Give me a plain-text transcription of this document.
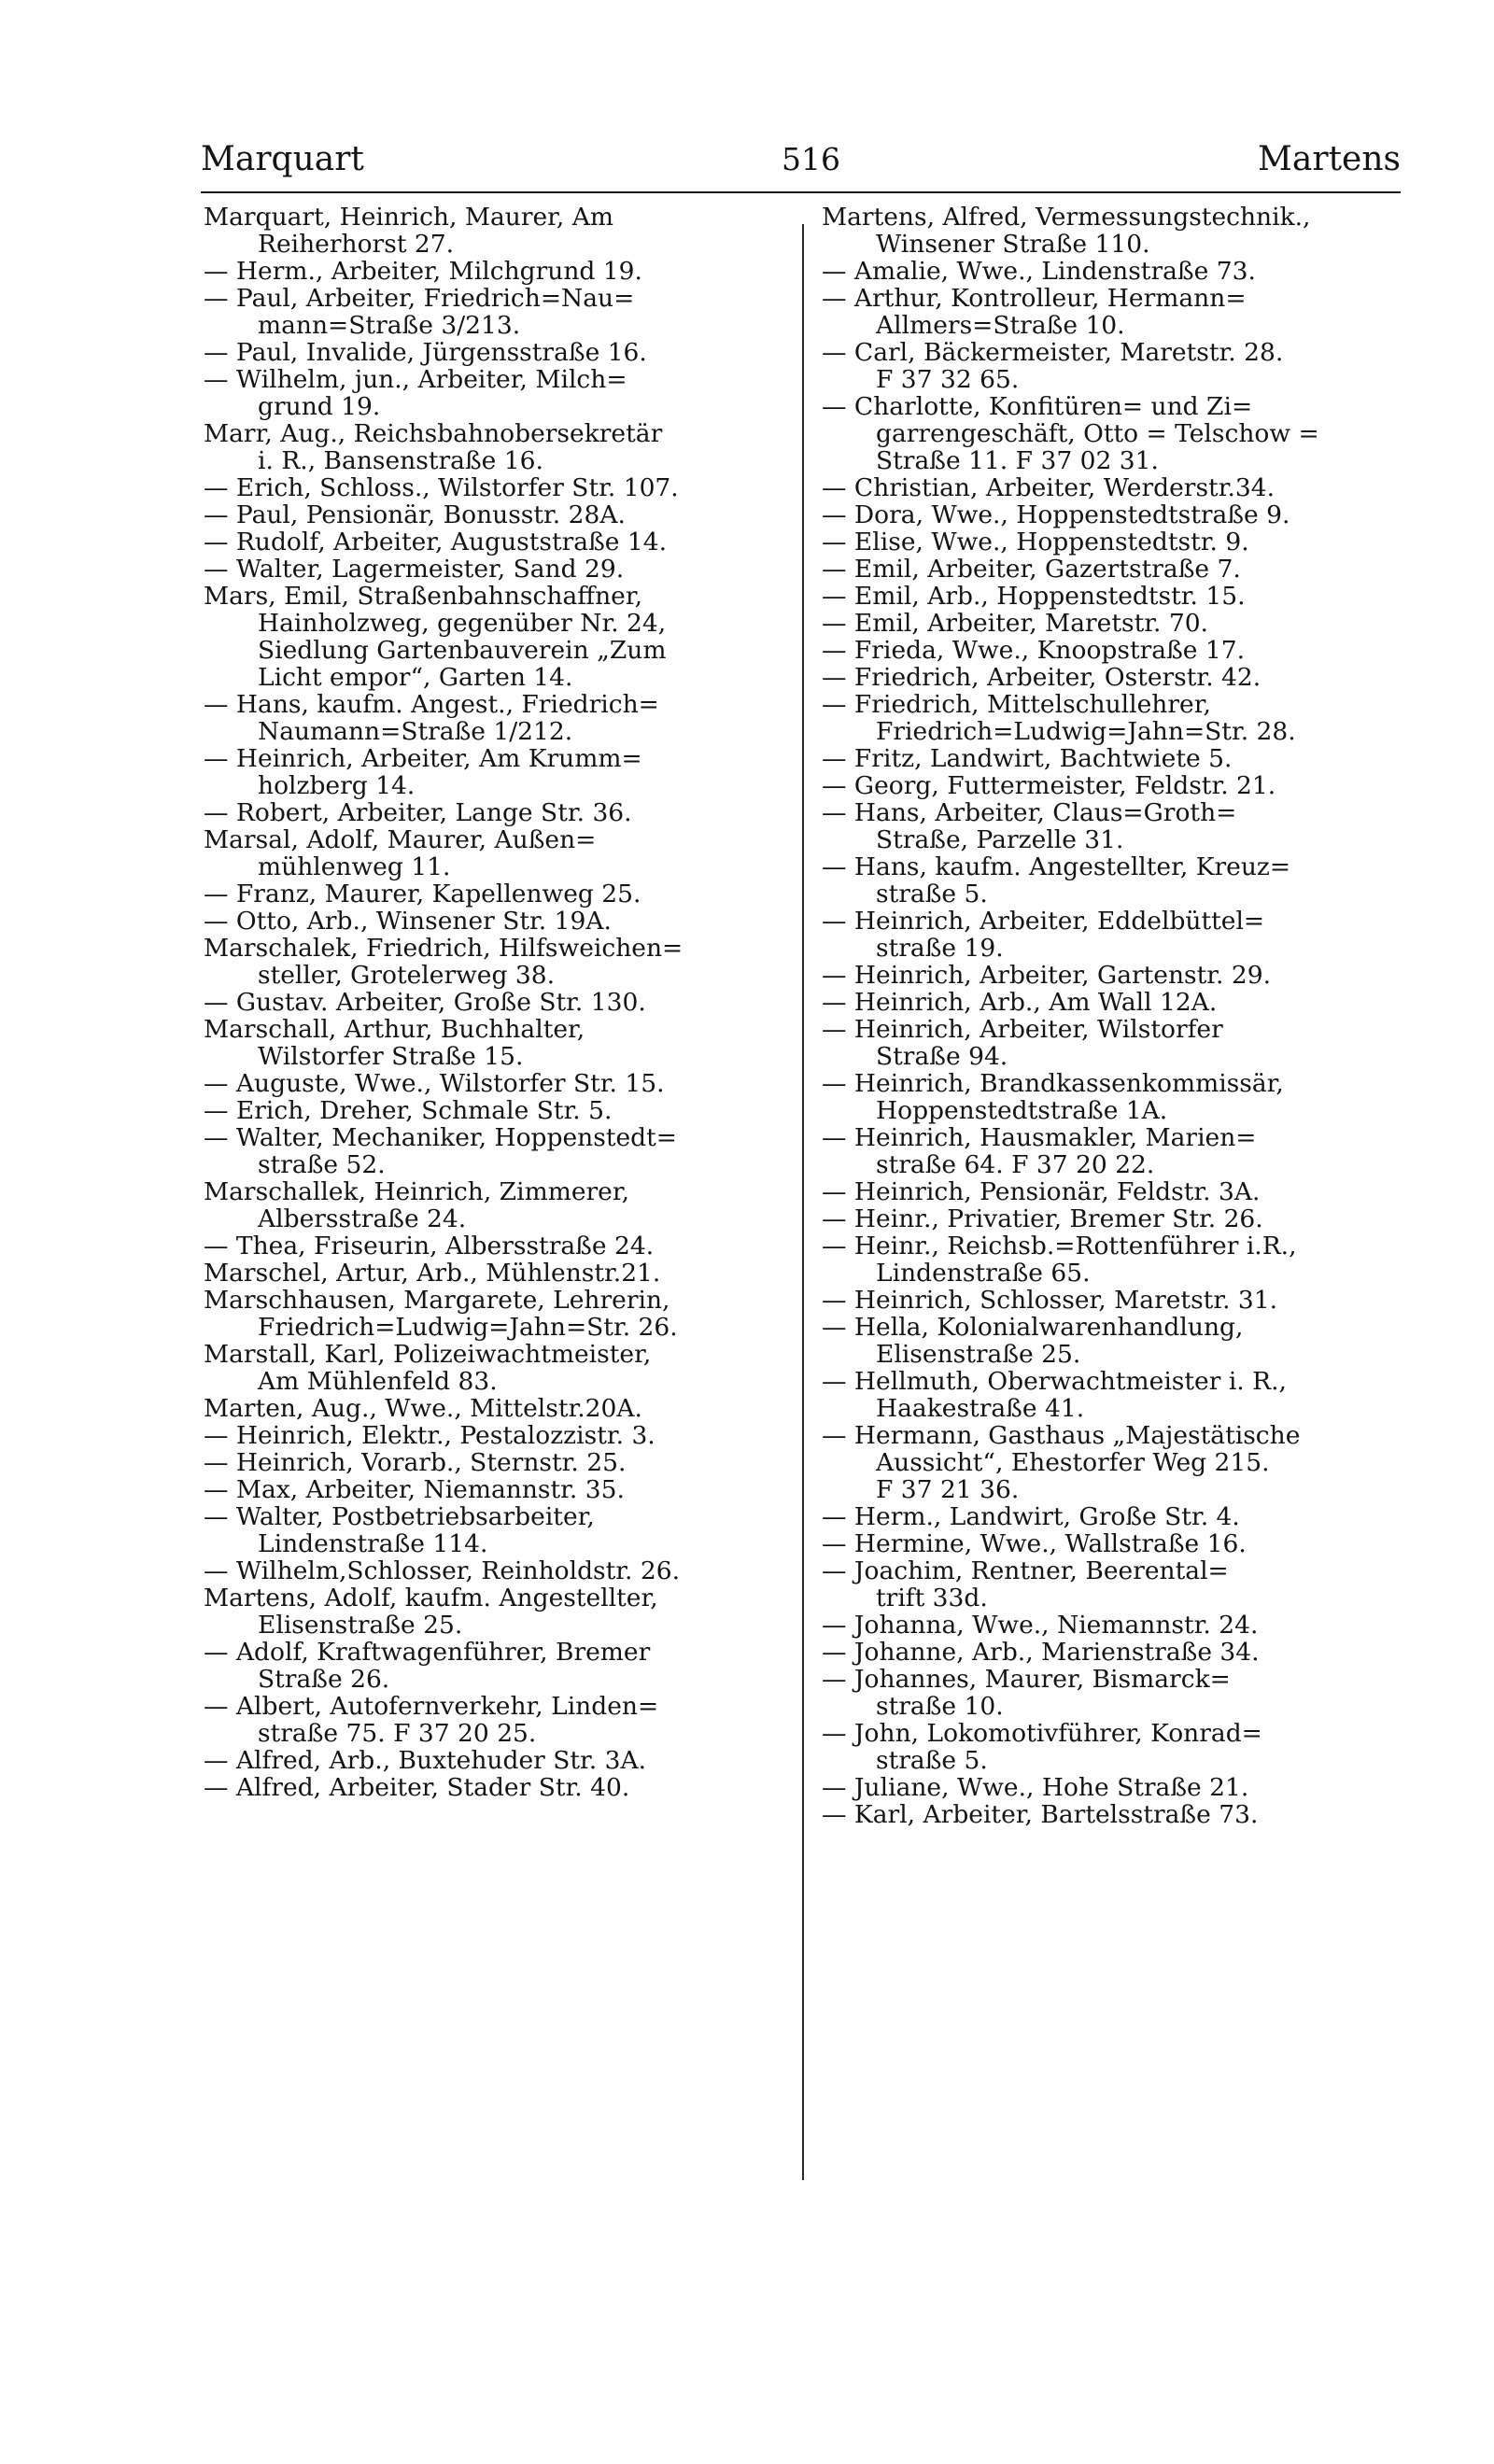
Marquart	516	Martens
Marquart, Heinrich, Maurer, Am
Reiherhorst 27.
— Herm., Arbeiter, Milchgrund 19.
— Paul, Arbeiter, Friedrich=Nau=
mann=Straße 3/213.
— Paul, Invalide, Jürgensstraße 16.
— Wilhelm, jun., Arbeiter, Milch=
grund 19.
Marr, Aug., Reichsbahnobersekretär
i. R., Bansenstraße 16.
— Erich, Schloss., Wilstorfer Str. 107.
— Paul, Pensionär, Bonusstr. 28A.
— Rudolf, Arbeiter, Auguststraße 14.
— Walter, Lagermeister, Sand 29.
Mars, Emil, Straßenbahnschaffner,
Hainholzweg, gegenüber Nr. 24,
Siedlung Gartenbauverein „Zum
Licht empor“, Garten 14.
— Hans, kaufm. Angest., Friedrich=
Naumann=Straße 1/212.
— Heinrich, Arbeiter, Am Krumm=
holzberg 14.
— Robert, Arbeiter, Lange Str. 36.
Marsal, Adolf, Maurer, Außen=
mühlenweg 11.
— Franz, Maurer, Kapellenweg 25.
— Otto, Arb., Winsener Str. 19A.
Marschalek, Friedrich, Hilfsweichen=
steller, Grotelerweg 38.
— Gustav. Arbeiter, Große Str. 130.
Marschall, Arthur, Buchhalter,
Wilstorfer Straße 15.
— Auguste, Wwe., Wilstorfer Str. 15.
— Erich, Dreher, Schmale Str. 5.
— Walter, Mechaniker, Hoppenstedt=
straße 52.
Marschallek, Heinrich, Zimmerer,
Albersstraße 24.
— Thea, Friseurin, Albersstraße 24.
Marschel, Artur, Arb., Mühlenstr.21.
Marschhausen, Margarete, Lehrerin,
Friedrich=Ludwig=Jahn=Str. 26.
Marstall, Karl, Polizeiwachtmeister,
Am Mühlenfeld 83.
Marten, Aug., Wwe., Mittelstr.20A.
— Heinrich, Elektr., Pestalozzistr. 3.
— Heinrich, Vorarb., Sternstr. 25.
— Max, Arbeiter, Niemannstr. 35.
— Walter, Postbetriebsarbeiter,
Lindenstraße 114.
— Wilhelm,Schlosser, Reinholdstr. 26.
Martens, Adolf, kaufm. Angestellter,
Elisenstraße 25.
— Adolf, Kraftwagenführer, Bremer
Straße 26.
— Albert, Autofernverkehr, Linden=
straße 75. F 37 20 25.
— Alfred, Arb., Buxtehuder Str. 3A.
— Alfred, Arbeiter, Stader Str. 40.
Martens, Alfred, Vermessungstechnik.,
Winsener Straße 110.
— Amalie, Wwe., Lindenstraße 73.
— Arthur, Kontrolleur, Hermann=
Allmers=Straße 10.
— Carl, Bäckermeister, Maretstr. 28.
F 37 32 65.
— Charlotte, Konfitüren= und Zi=
garrengeschäft, Otto = Telschow =
Straße 11. F 37 02 31.
— Christian, Arbeiter, Werderstr.34.
— Dora, Wwe., Hoppenstedtstraße 9.
— Elise, Wwe., Hoppenstedtstr. 9.
— Emil, Arbeiter, Gazertstraße 7.
— Emil, Arb., Hoppenstedtstr. 15.
— Emil, Arbeiter, Maretstr. 70.
— Frieda, Wwe., Knoopstraße 17.
— Friedrich, Arbeiter, Osterstr. 42.
— Friedrich, Mittelschullehrer,
Friedrich=Ludwig=Jahn=Str. 28.
— Fritz, Landwirt, Bachtwiete 5.
— Georg, Futtermeister, Feldstr. 21.
— Hans, Arbeiter, Claus=Groth=
Straße, Parzelle 31.
— Hans, kaufm. Angestellter, Kreuz=
straße 5.
— Heinrich, Arbeiter, Eddelbüttel=
straße 19.
— Heinrich, Arbeiter, Gartenstr. 29.
— Heinrich, Arb., Am Wall 12A.
— Heinrich, Arbeiter, Wilstorfer
Straße 94.
— Heinrich, Brandkassenkommissär,
Hoppenstedtstraße 1A.
— Heinrich, Hausmakler, Marien=
straße 64. F 37 20 22.
— Heinrich, Pensionär, Feldstr. 3A.
— Heinr., Privatier, Bremer Str. 26.
— Heinr., Reichsb.=Rottenführer i.R.,
Lindenstraße 65.
— Heinrich, Schlosser, Maretstr. 31.
— Hella, Kolonialwarenhandlung,
Elisenstraße 25.
— Hellmuth, Oberwachtmeister i. R.,
Haakestraße 41.
— Hermann, Gasthaus „Majestätische
Aussicht“, Ehestorfer Weg 215.
F 37 21 36.
— Herm., Landwirt, Große Str. 4.
— Hermine, Wwe., Wallstraße 16.
— Joachim, Rentner, Beerental=
trift 33d.
— Johanna, Wwe., Niemannstr. 24.
— Johanne, Arb., Marienstraße 34.
— Johannes, Maurer, Bismarck=
straße 10.
— John, Lokomotivführer, Konrad=
straße 5.
— Juliane, Wwe., Hohe Straße 21.
— Karl, Arbeiter, Bartelsstraße 73.
